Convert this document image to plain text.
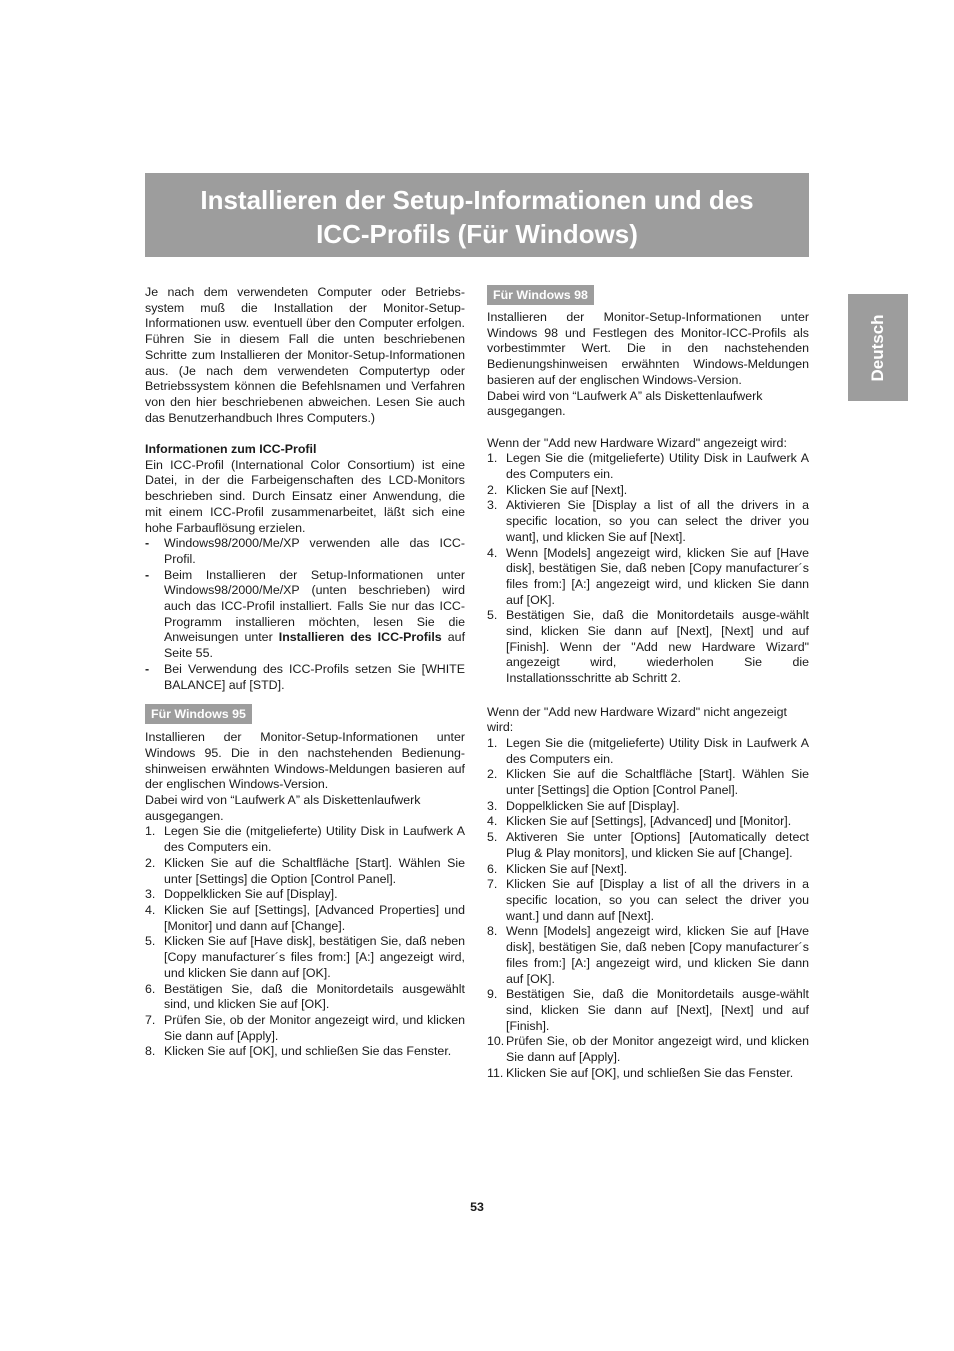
Installieren der Setup-Informationen und des
ICC-Profils (Für Windows)
Deutsch

Je nach dem verwendeten Computer oder Betriebs-system muß die Installation der Monitor-Setup-Informationen usw. eventuell über den Computer erfolgen. Führen Sie in diesem Fall die unten beschriebenen Schritte zum Installieren der Monitor-Setup-Informationen aus. (Je nach dem verwendeten Computertyp oder Betriebssystem können die Befehlsnamen und Verfahren von den hier beschriebenen abweichen. Lesen Sie auch das Benutzerhandbuch Ihres Computers.)

Informationen zum ICC-Profil

Ein ICC-Profil (International Color Consortium) ist eine Datei, in der die Farbeigenschaften des LCD-Monitors beschrieben sind. Durch Einsatz einer Anwendung, die mit einem ICC-Profil zusammenarbeitet, läßt sich eine hohe Farbauflösung erzielen.

- Windows98/2000/Me/XP verwenden alle das ICC-Profil.
- Beim Installieren der Setup-Informationen unter Windows98/2000/Me/XP (unten beschrieben) wird auch das ICC-Profil installiert. Falls Sie nur das ICC-Programm installieren möchten, lesen Sie die Anweisungen unter Installieren des ICC-Profils auf Seite 55.
- Bei Verwendung des ICC-Profils setzen Sie [WHITE BALANCE] auf [STD].
Für Windows 95

Installieren der Monitor-Setup-Informationen unter Windows 95. Die in den nachstehenden Bedienung-shinweisen erwähnten Windows-Meldungen basieren auf der englischen Windows-Version.

Dabei wird von “Laufwerk A” als Diskettenlaufwerk ausgegangen.

1. Legen Sie die (mitgelieferte) Utility Disk in Laufwerk A des Computers ein.
2. Klicken Sie auf die Schaltfläche [Start]. Wählen Sie unter [Settings] die Option [Control Panel].
3. Doppelklicken Sie auf [Display].
4. Klicken Sie auf [Settings], [Advanced Properties] und [Monitor] und dann auf [Change].
5. Klicken Sie auf [Have disk], bestätigen Sie, daß neben [Copy manufacturer´s files from:] [A:] angezeigt wird, und klicken Sie dann auf [OK].
6. Bestätigen Sie, daß die Monitordetails ausgewählt sind, und klicken Sie auf [OK].
7. Prüfen Sie, ob der Monitor angezeigt wird, und klicken Sie dann auf [Apply].
8. Klicken Sie auf [OK], und schließen Sie das Fenster.
Für Windows 98

Installieren der Monitor-Setup-Informationen unter Windows 98 und Festlegen des Monitor-ICC-Profils als vorbestimmter Wert. Die in den nachstehenden Bedienungshinweisen erwähnten Windows-Meldungen basieren auf der englischen Windows-Version.

Dabei wird von “Laufwerk A” als Diskettenlaufwerk ausgegangen.

Wenn der "Add new Hardware Wizard" angezeigt wird:

1. Legen Sie die (mitgelieferte) Utility Disk in Laufwerk A des Computers ein.
2. Klicken Sie auf [Next].
3. Aktivieren Sie [Display a list of all the drivers in a specific location, so you can select the driver you want], und klicken Sie auf [Next].
4. Wenn [Models] angezeigt wird, klicken Sie auf [Have disk], bestätigen Sie, daß neben [Copy manufacturer´s files from:] [A:] angezeigt wird, und klicken Sie dann auf [OK].
5. Bestätigen Sie, daß die Monitordetails ausge-wählt sind, klicken Sie dann auf [Next], [Next] und auf [Finish]. Wenn der "Add new Hardware Wizard" angezeigt wird, wiederholen Sie die Installationsschritte ab Schritt 2.

Wenn der "Add new Hardware Wizard" nicht angezeigt wird:

1. Legen Sie die (mitgelieferte) Utility Disk in Laufwerk A des Computers ein.
2. Klicken Sie auf die Schaltfläche [Start]. Wählen Sie unter [Settings] die Option [Control Panel].
3. Doppelklicken Sie auf [Display].
4. Klicken Sie auf [Settings], [Advanced] und [Monitor].
5. Aktiveren Sie unter [Options] [Automatically detect Plug & Play monitors], und klicken Sie auf [Change].
6. Klicken Sie auf [Next].
7. Klicken Sie auf [Display a list of all the drivers in a specific location, so you can select the driver you want.] und dann auf [Next].
8. Wenn [Models] angezeigt wird, klicken Sie auf [Have disk], bestätigen Sie, daß neben [Copy manufacturer´s files from:] [A:] angezeigt wird, und klicken Sie dann auf [OK].
9. Bestätigen Sie, daß die Monitordetails ausge-wählt sind, klicken Sie dann auf [Next], [Next] und auf [Finish].
10. Prüfen Sie, ob der Monitor angezeigt wird, und klicken Sie dann auf [Apply].
11. Klicken Sie auf [OK], und schließen Sie das Fenster.
53
